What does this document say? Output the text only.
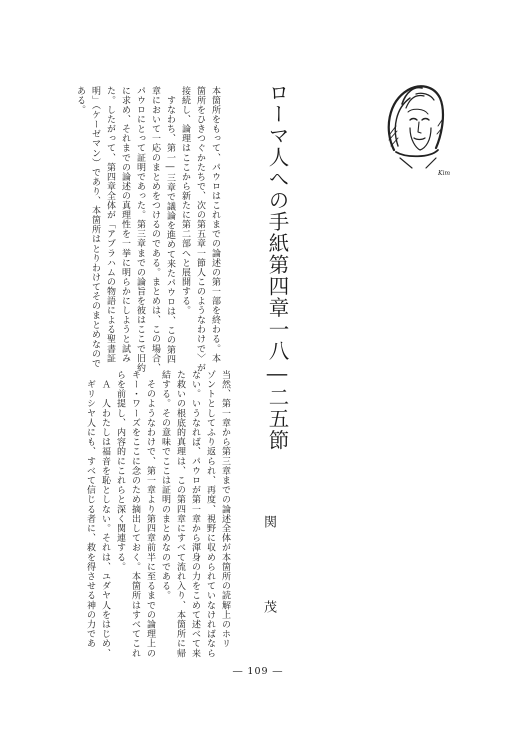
ローマ人への手紙第四章一八―二五節
関茂
本箇所をもって、パウロはこれまでの論述の第一部を終わる。本
箇所をひきつぐかたちで、次の第五章一節人このようなわけで〉が
接続し、論理はここから新たに第二部へと展開する。
　すなわち、第一―三章で議論を進めて来たパウロは、この第四
章において一応のまとめをつけるのである。まとめは、この場合、
パウロにとって証明であった。第三章までの論旨を彼はここで旧約
に求め、それまでの論述の真理性を一挙に明らかにしようと試み
た。したがって、第四章全体が「アブラハムの物語による聖書証
明」（ケーゼマン）であり、本箇所はとりわけてそのまとめなので
ある。
当然、第一章から第三章までの論述全体が本箇所の読解上のホリ
ゾントとしてふり返られ、再度、視野に収められていなければなら
ない。いうなれば、パウロが第一章から渾身の力をこめて述べて来
た救いの根底的真理は、この第四章にすべて流れ入り、本箇所に帰
結する。その意味でここは証明のまとめなのである。
　そのようなわけで、第一章より第四章前半に至るまでの論理上の
キー・ワーズをここに念のため摘出しておく。本箇所はすべてこれ
らを前提し、内容的にこれらと深く関連する。
　Ａ　人わたしは福音を恥としない。それは、ユダヤ人をはじめ、
　ギリシヤ人にも、すべて信じる者に、救を得させる神の力であ
Kim
― 109 ―
